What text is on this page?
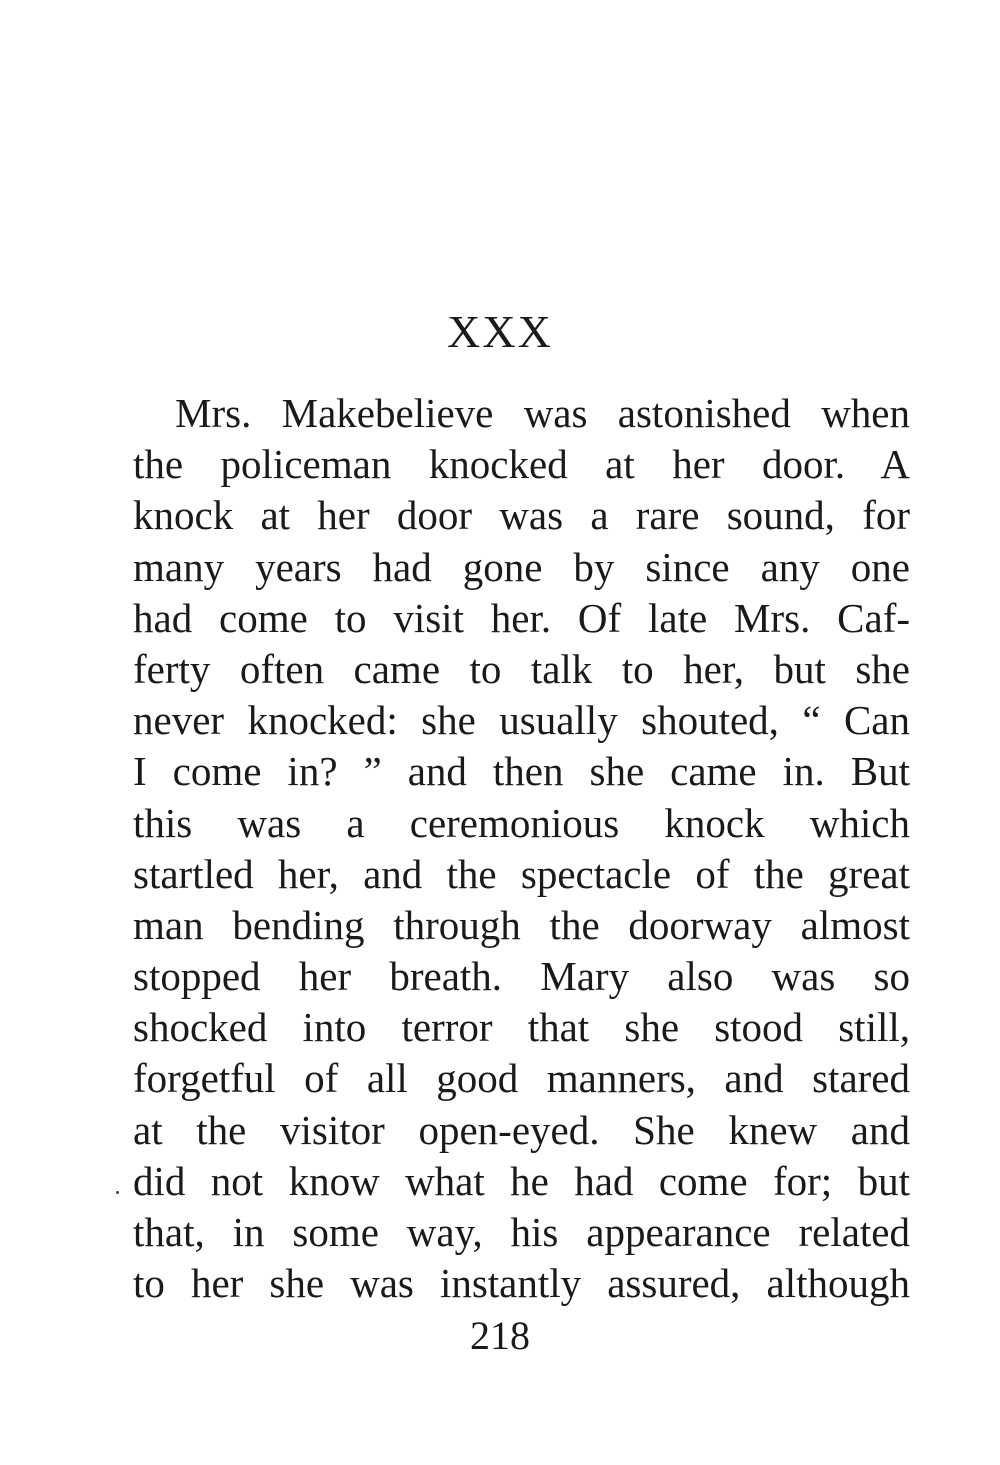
XXX
Mrs. Makebelieve was astonished when
the policeman knocked at her door. A
knock at her door was a rare sound, for
many years had gone by since any one
had come to visit her. Of late Mrs. Caf-
ferty often came to talk to her, but she
never knocked: she usually shouted, “ Can
I come in? ” and then she came in. But
this was a ceremonious knock which
startled her, and the spectacle of the great
man bending through the doorway almost
stopped her breath. Mary also was so
shocked into terror that she stood still,
forgetful of all good manners, and stared
at the visitor open-eyed. She knew and
did not know what he had come for; but
that, in some way, his appearance related
to her she was instantly assured, although
218
